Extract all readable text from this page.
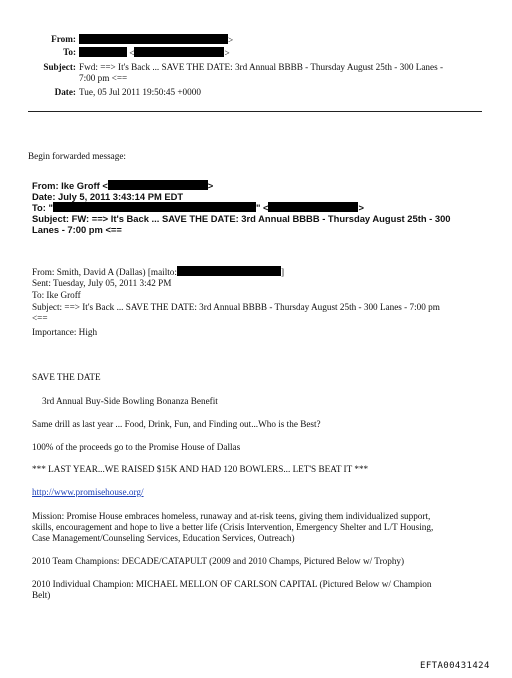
From:	>
To:	<	>
Subject: Fwd: ==> It's Back ... SAVE THE DATE: 3rd Annual BBBB - Thursday August 25th - 300 Lanes -
7:00 pm <==
Date: Tue, 05 Jul 2011 19:50:45 +0000
Begin forwarded message:
From: Ike Groff <	>
Date: July 5, 2011 3:43:14 PM EDT
To: "	" <	>
Subject: FW: ==> It's Back ... SAVE THE DATE: 3rd Annual BBBB - Thursday August 25th - 300
Lanes - 7:00 pm <==
From: Smith, David A (Dallas) [mailto:	]
Sent: Tuesday, July 05, 2011 3:42 PM
To: Ike Groff
Subject: ==> It's Back ... SAVE THE DATE: 3rd Annual BBBB - Thursday August 25th - 300 Lanes - 7:00 pm
<==
Importance: High
SAVE THE DATE
3rd Annual Buy-Side Bowling Bonanza Benefit
Same drill as last year ... Food, Drink, Fun, and Finding out...Who is the Best?
100% of the proceeds go to the Promise House of Dallas
*** LAST YEAR...WE RAISED $15K AND HAD 120 BOWLERS... LET'S BEAT IT ***
http://www.promisehouse.org/
Mission: Promise House embraces homeless, runaway and at-risk teens, giving them individualized support,
skills, encouragement and hope to live a better life (Crisis Intervention, Emergency Shelter and L/T Housing,
Case Management/Counseling Services, Education Services, Outreach)
2010 Team Champions: DECADE/CATAPULT (2009 and 2010 Champs, Pictured Below w/ Trophy)
2010 Individual Champion: MICHAEL MELLON OF CARLSON CAPITAL (Pictured Below w/ Champion
Belt)
EFTA00431424
